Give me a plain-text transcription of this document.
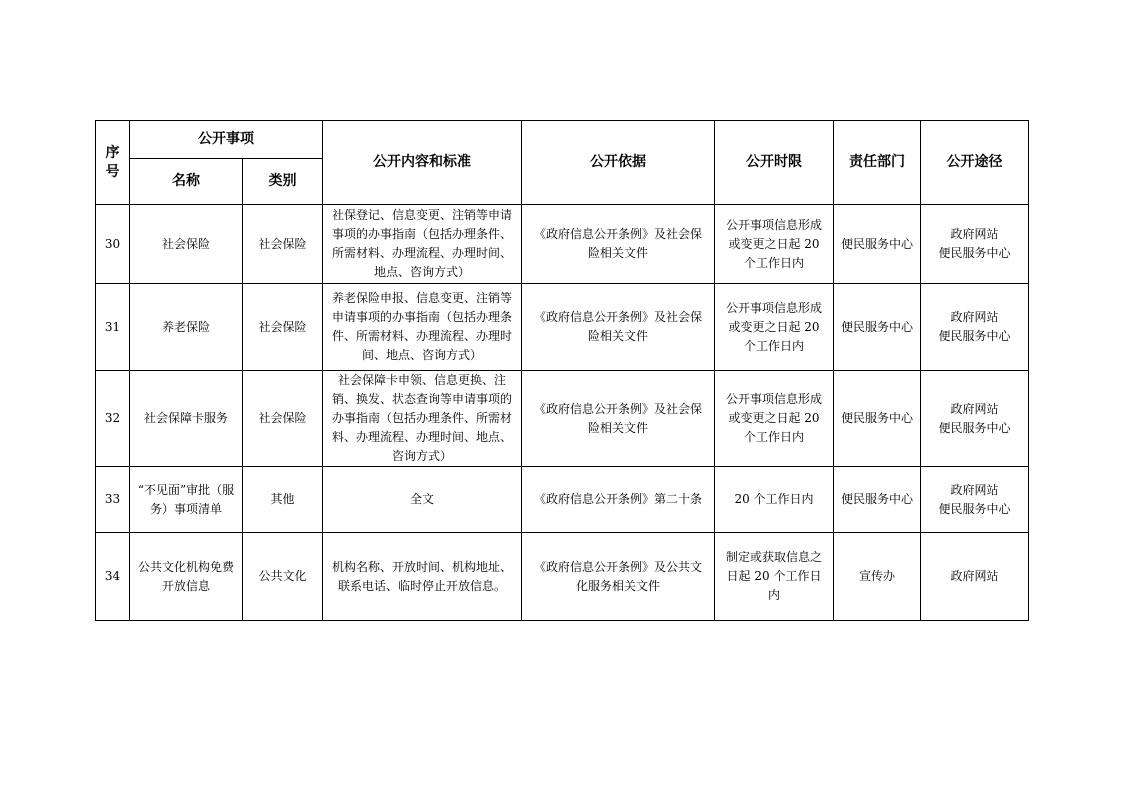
序号	公开事项		公开内容和标准	公开依据	公开时限	责任部门	公开途径
	名称	类别					
30	社会保险	社会保险	社保登记、信息变更、注销等申请事项的办事指南（包括办理条件、所需材料、办理流程、办理时间、地点、咨询方式）	《政府信息公开条例》及社会保险相关文件	公开事项信息形成或变更之日起 20 个工作日内	便民服务中心	政府网站
便民服务中心
31	养老保险	社会保险	养老保险申报、信息变更、注销等申请事项的办事指南（包括办理条件、所需材料、办理流程、办理时间、地点、咨询方式）	《政府信息公开条例》及社会保险相关文件	公开事项信息形成或变更之日起 20 个工作日内	便民服务中心	政府网站
便民服务中心
32	社会保障卡服务	社会保险	社会保障卡申领、信息更换、注销、换发、状态查询等申请事项的办事指南（包括办理条件、所需材料、办理流程、办理时间、地点、咨询方式）	《政府信息公开条例》及社会保险相关文件	公开事项信息形成或变更之日起 20 个工作日内	便民服务中心	政府网站
便民服务中心
33	“不见面”审批（服务）事项清单	其他	全文	《政府信息公开条例》第二十条	20 个工作日内	便民服务中心	政府网站
便民服务中心
34	公共文化机构免费开放信息	公共文化	机构名称、开放时间、机构地址、联系电话、临时停止开放信息。	《政府信息公开条例》及公共文化服务相关文件	制定或获取信息之日起 20 个工作日内	宣传办	政府网站
